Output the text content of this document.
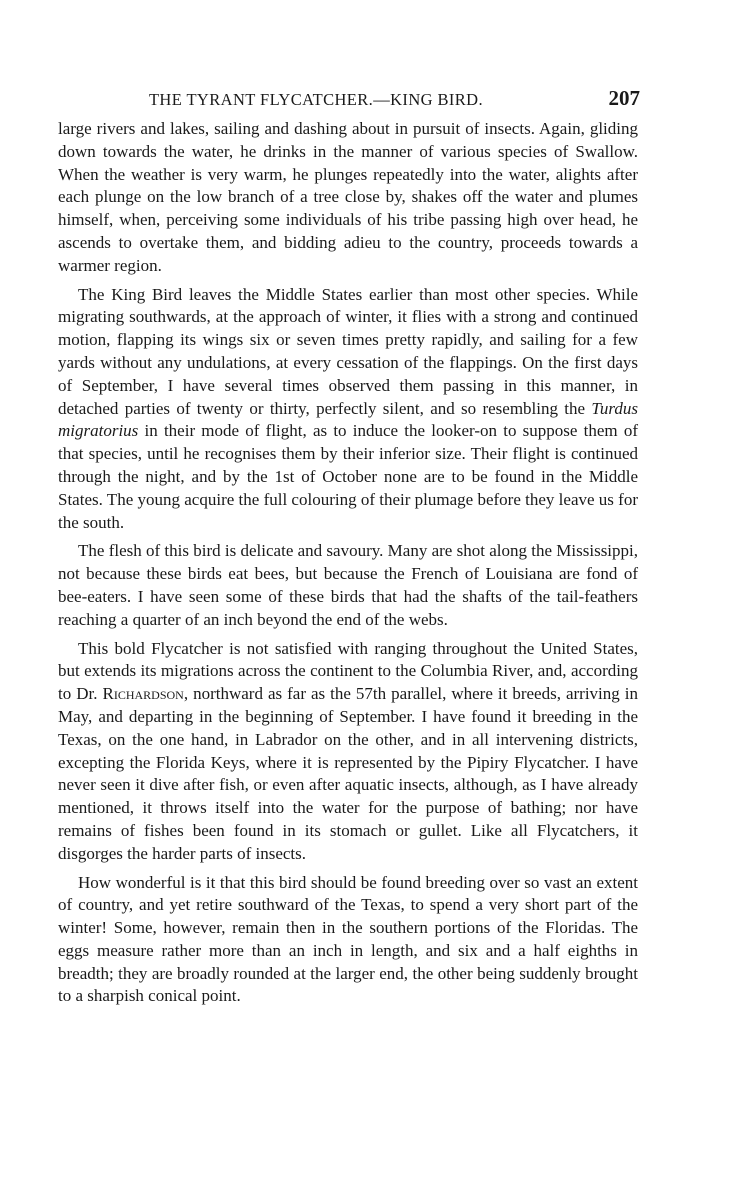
THE TYRANT FLYCATCHER.—KING BIRD.	207

large rivers and lakes, sailing and dashing about in pursuit of insects. Again, gliding down towards the water, he drinks in the manner of various species of Swallow. When the weather is very warm, he plunges repeatedly into the water, alights after each plunge on the low branch of a tree close by, shakes off the water and plumes himself, when, perceiving some individuals of his tribe passing high over head, he ascends to overtake them, and bidding adieu to the country, proceeds towards a warmer region.

The King Bird leaves the Middle States earlier than most other species. While migrating southwards, at the approach of winter, it flies with a strong and continued motion, flapping its wings six or seven times pretty rapidly, and sailing for a few yards without any undulations, at every cessation of the flappings. On the first days of September, I have several times observed them passing in this manner, in detached parties of twenty or thirty, perfectly silent, and so resembling the Turdus migratorius in their mode of flight, as to induce the looker-on to suppose them of that species, until he recognises them by their inferior size. Their flight is continued through the night, and by the 1st of October none are to be found in the Middle States. The young acquire the full colouring of their plumage before they leave us for the south.

The flesh of this bird is delicate and savoury. Many are shot along the Mississippi, not because these birds eat bees, but because the French of Louisiana are fond of bee-eaters. I have seen some of these birds that had the shafts of the tail-feathers reaching a quarter of an inch beyond the end of the webs.

This bold Flycatcher is not satisfied with ranging throughout the United States, but extends its migrations across the continent to the Columbia River, and, according to Dr. Richardson, northward as far as the 57th parallel, where it breeds, arriving in May, and departing in the beginning of September. I have found it breeding in the Texas, on the one hand, in Labrador on the other, and in all intervening districts, excepting the Florida Keys, where it is represented by the Pipiry Flycatcher. I have never seen it dive after fish, or even after aquatic insects, although, as I have already mentioned, it throws itself into the water for the purpose of bathing; nor have remains of fishes been found in its stomach or gullet. Like all Flycatchers, it disgorges the harder parts of insects.

How wonderful is it that this bird should be found breeding over so vast an extent of country, and yet retire southward of the Texas, to spend a very short part of the winter! Some, however, remain then in the southern portions of the Floridas. The eggs measure rather more than an inch in length, and six and a half eighths in breadth; they are broadly rounded at the larger end, the other being suddenly brought to a sharpish conical point.
